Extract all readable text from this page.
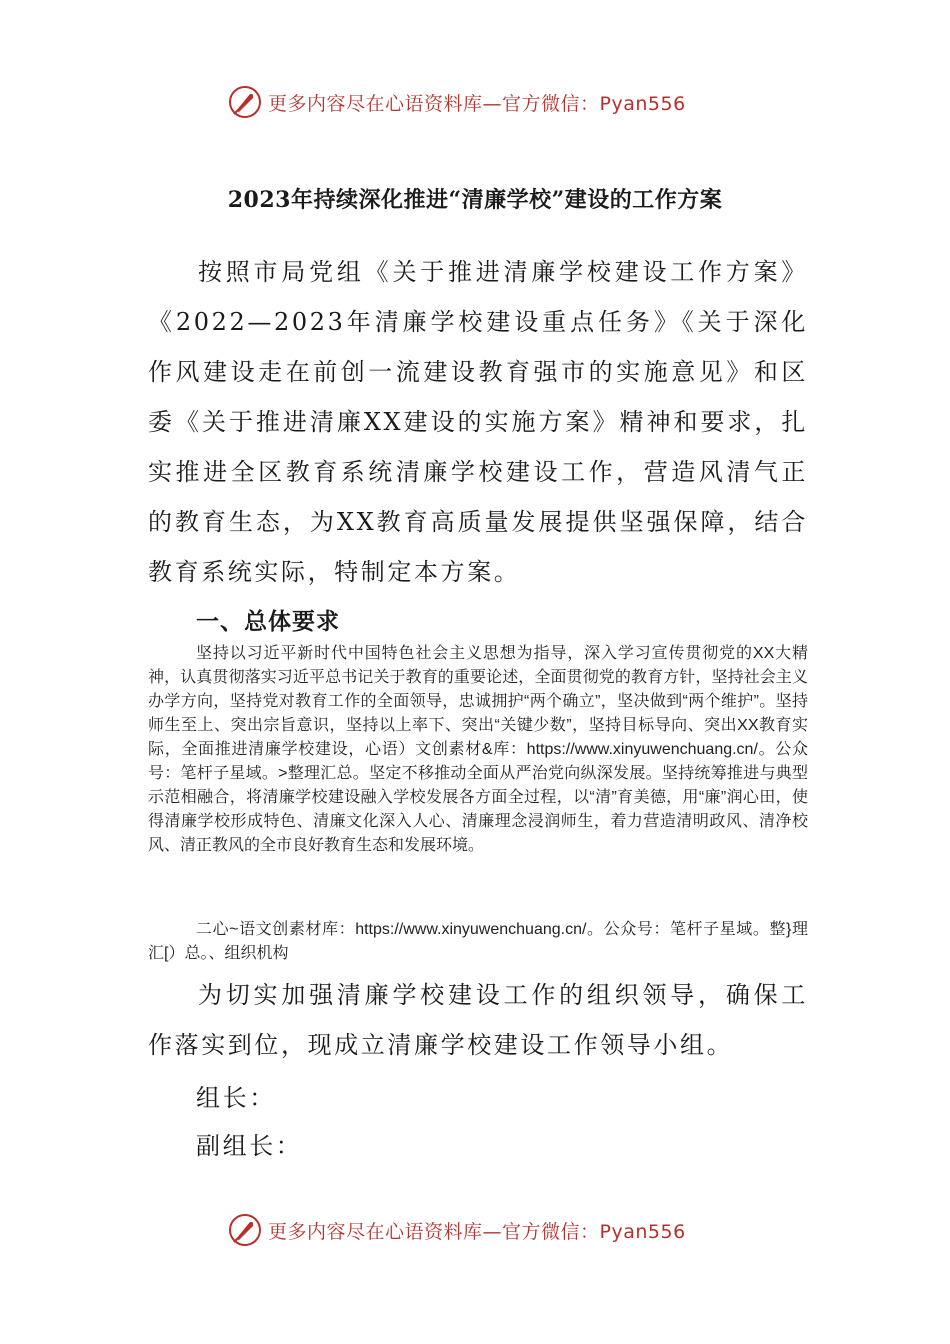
更多内容尽在心语资料库—官方微信：Pyan556
2023年持续深化推进“清廉学校”建设的工作方案
按照市局党组《关于推进清廉学校建设工作方案》《2022—2023年清廉学校建设重点任务》《关于深化作风建设走在前创一流建设教育强市的实施意见》和区委《关于推进清廉XX建设的实施方案》精神和要求，扎实推进全区教育系统清廉学校建设工作，营造风清气正的教育生态，为XX教育高质量发展提供坚强保障，结合教育系统实际，特制定本方案。
一、总体要求
坚持以习近平新时代中国特色社会主义思想为指导，深入学习宣传贯彻党的XX大精神，认真贯彻落实习近平总书记关于教育的重要论述，全面贯彻党的教育方针，坚持社会主义办学方向，坚持党对教育工作的全面领导，忠诚拥护“两个确立”，坚决做到“两个维护”。坚持师生至上、突出宗旨意识，坚持以上率下、突出“关键少数”，坚持目标导向、突出XX教育实际，全面推进清廉学校建设，心语）文创素材&库：https://www.xinyuwenchuang.cn/。公众号：笔杆子星域。>整理汇总。坚定不移推动全面从严治党向纵深发展。坚持统筹推进与典型示范相融合，将清廉学校建设融入学校发展各方面全过程，以“清”育美德，用“廉”润心田，使得清廉学校形成特色、清廉文化深入人心、清廉理念浸润师生，着力营造清明政风、清净校风、清正教风的全市良好教育生态和发展环境。
二心~语文创素材库：https://www.xinyuwenchuang.cn/。公众号：笔杆子星域。整}理汇[）总。、组织机构
为切实加强清廉学校建设工作的组织领导，确保工作落实到位，现成立清廉学校建设工作领导小组。
组长：
副组长：
更多内容尽在心语资料库—官方微信：Pyan556
